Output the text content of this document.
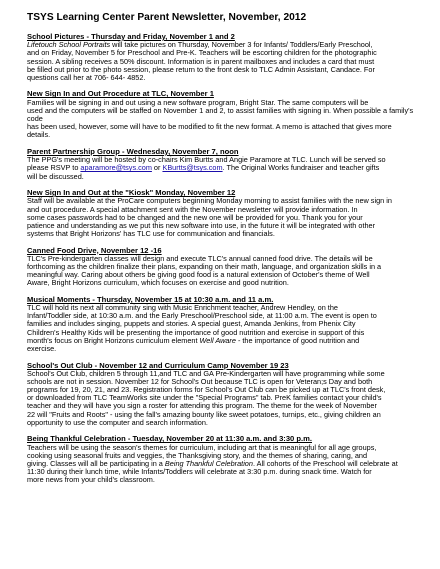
TSYS Learning Center Parent Newsletter, November, 2012
School Pictures - Thursday and Friday, November 1 and 2
Lifetouch School Portraits will take pictures on Thursday, November 3 for Infants/ Toddlers/Early Preschool,
and on Friday, November 5 for Preschool and Pre-K. Teachers will be escorting children for the photographic
session. A sibling receives a 50% discount. Information is in parent mailboxes and includes a card that must
be filled out prior to the photo session, please return to the front desk to TLC Admin Assistant, Candace. For
questions call her at 706- 644- 4852.
New Sign In and Out Procedure at TLC, November 1
Families will be signing in and out using a new software program, Bright Star. The same computers will be
used and the computers will be staffed on November 1 and 2, to assist families with signing in. When possible a family's code
has been used, however, some will have to be modified to fit the new format. A memo is attached that gives more
details.
Parent Partnership Group - Wednesday, November 7, noon
The PPG's meeting will be hosted by co-chairs Kim Burtts and Angie Paramore at TLC. Lunch will be served so
please RSVP to aparamore@tsys.com or KBurtts@tsys.com. The Original Works fundraiser and teacher gifts
will be discussed.
New Sign In and Out at the "Kiosk" Monday, November 12
Staff will be available at the ProCare computers beginning Monday morning to assist families with the new sign in
and out procedure. A special attachment sent with the November newsletter will provide information. In
some cases passwords had to be changed and the new one will be provided for you. Thank you for your
patience and understanding as we put this new software into use, in the future it will be integrated with other
systems that Bright Horizons' has TLC use for communication and financials.
Canned Food Drive, November 12 -16
TLC's Pre-kindergarten classes will design and execute TLC's annual canned food drive. The details will be
forthcoming as the children finalize their plans, expanding on their math, language, and organization skills in a
meaningful way. Caring about others be giving good food is a natural extension of October's theme of Well
Aware, Bright Horizons curriculum, which focuses on exercise and good nutrition.
Musical Moments - Thursday, November 15 at 10:30 a.m. and 11 a.m.
TLC will hold its next all community sing with Music Enrichment teacher, Andrew Hendley, on the
Infant/Toddler side, at 10:30 a.m. and the Early Preschool/Preschool side, at 11:00 a.m. The event is open to
families and includes singing, puppets and stories. A special guest, Amanda Jenkins, from Phenix City
Children's Healthy Kids will be presenting the importance of good nutrition and exercise in support of this
month's focus on Bright Horizons curriculum element Well Aware - the importance of good nutrition and
exercise.
School's Out Club - November 12 and Curriculum Camp November 19 23
School's Out Club, children 5 through 11,and TLC and GA Pre-Kindergarten will have programming while some
schools are not in session. November 12 for School's Out because TLC is open for Veteran;s Day and both
programs for 19, 20, 21, and 23. Registration forms for School's Out Club can be picked up at TLC's front desk,
or downloaded from TLC TeamWorks site under the "Special Programs" tab. PreK families contact your child's
teacher and they will have you sign a roster for attending this program. The theme for the week of November
22 will "Fruits and Roots" - using the fall's amazing bounty like sweet potatoes, turnips, etc., giving children an
opportunity to use the computer and search information.
Being Thankful Celebration - Tuesday, November 20 at 11:30 a.m. and 3:30 p.m.
Teachers will be using the season's themes for curriculum, including art that is meaningful for all age groups,
cooking using seasonal fruits and veggies, the Thanksgiving story, and the themes of sharing, caring, and
giving. Classes will all be participating in a Being Thankful Celebration. All cohorts of the Preschool will celebrate at
11:30 during their lunch time, while Infants/Toddlers will celebrate at 3:30 p.m. during snack time. Watch for
more news from your child's classroom.
